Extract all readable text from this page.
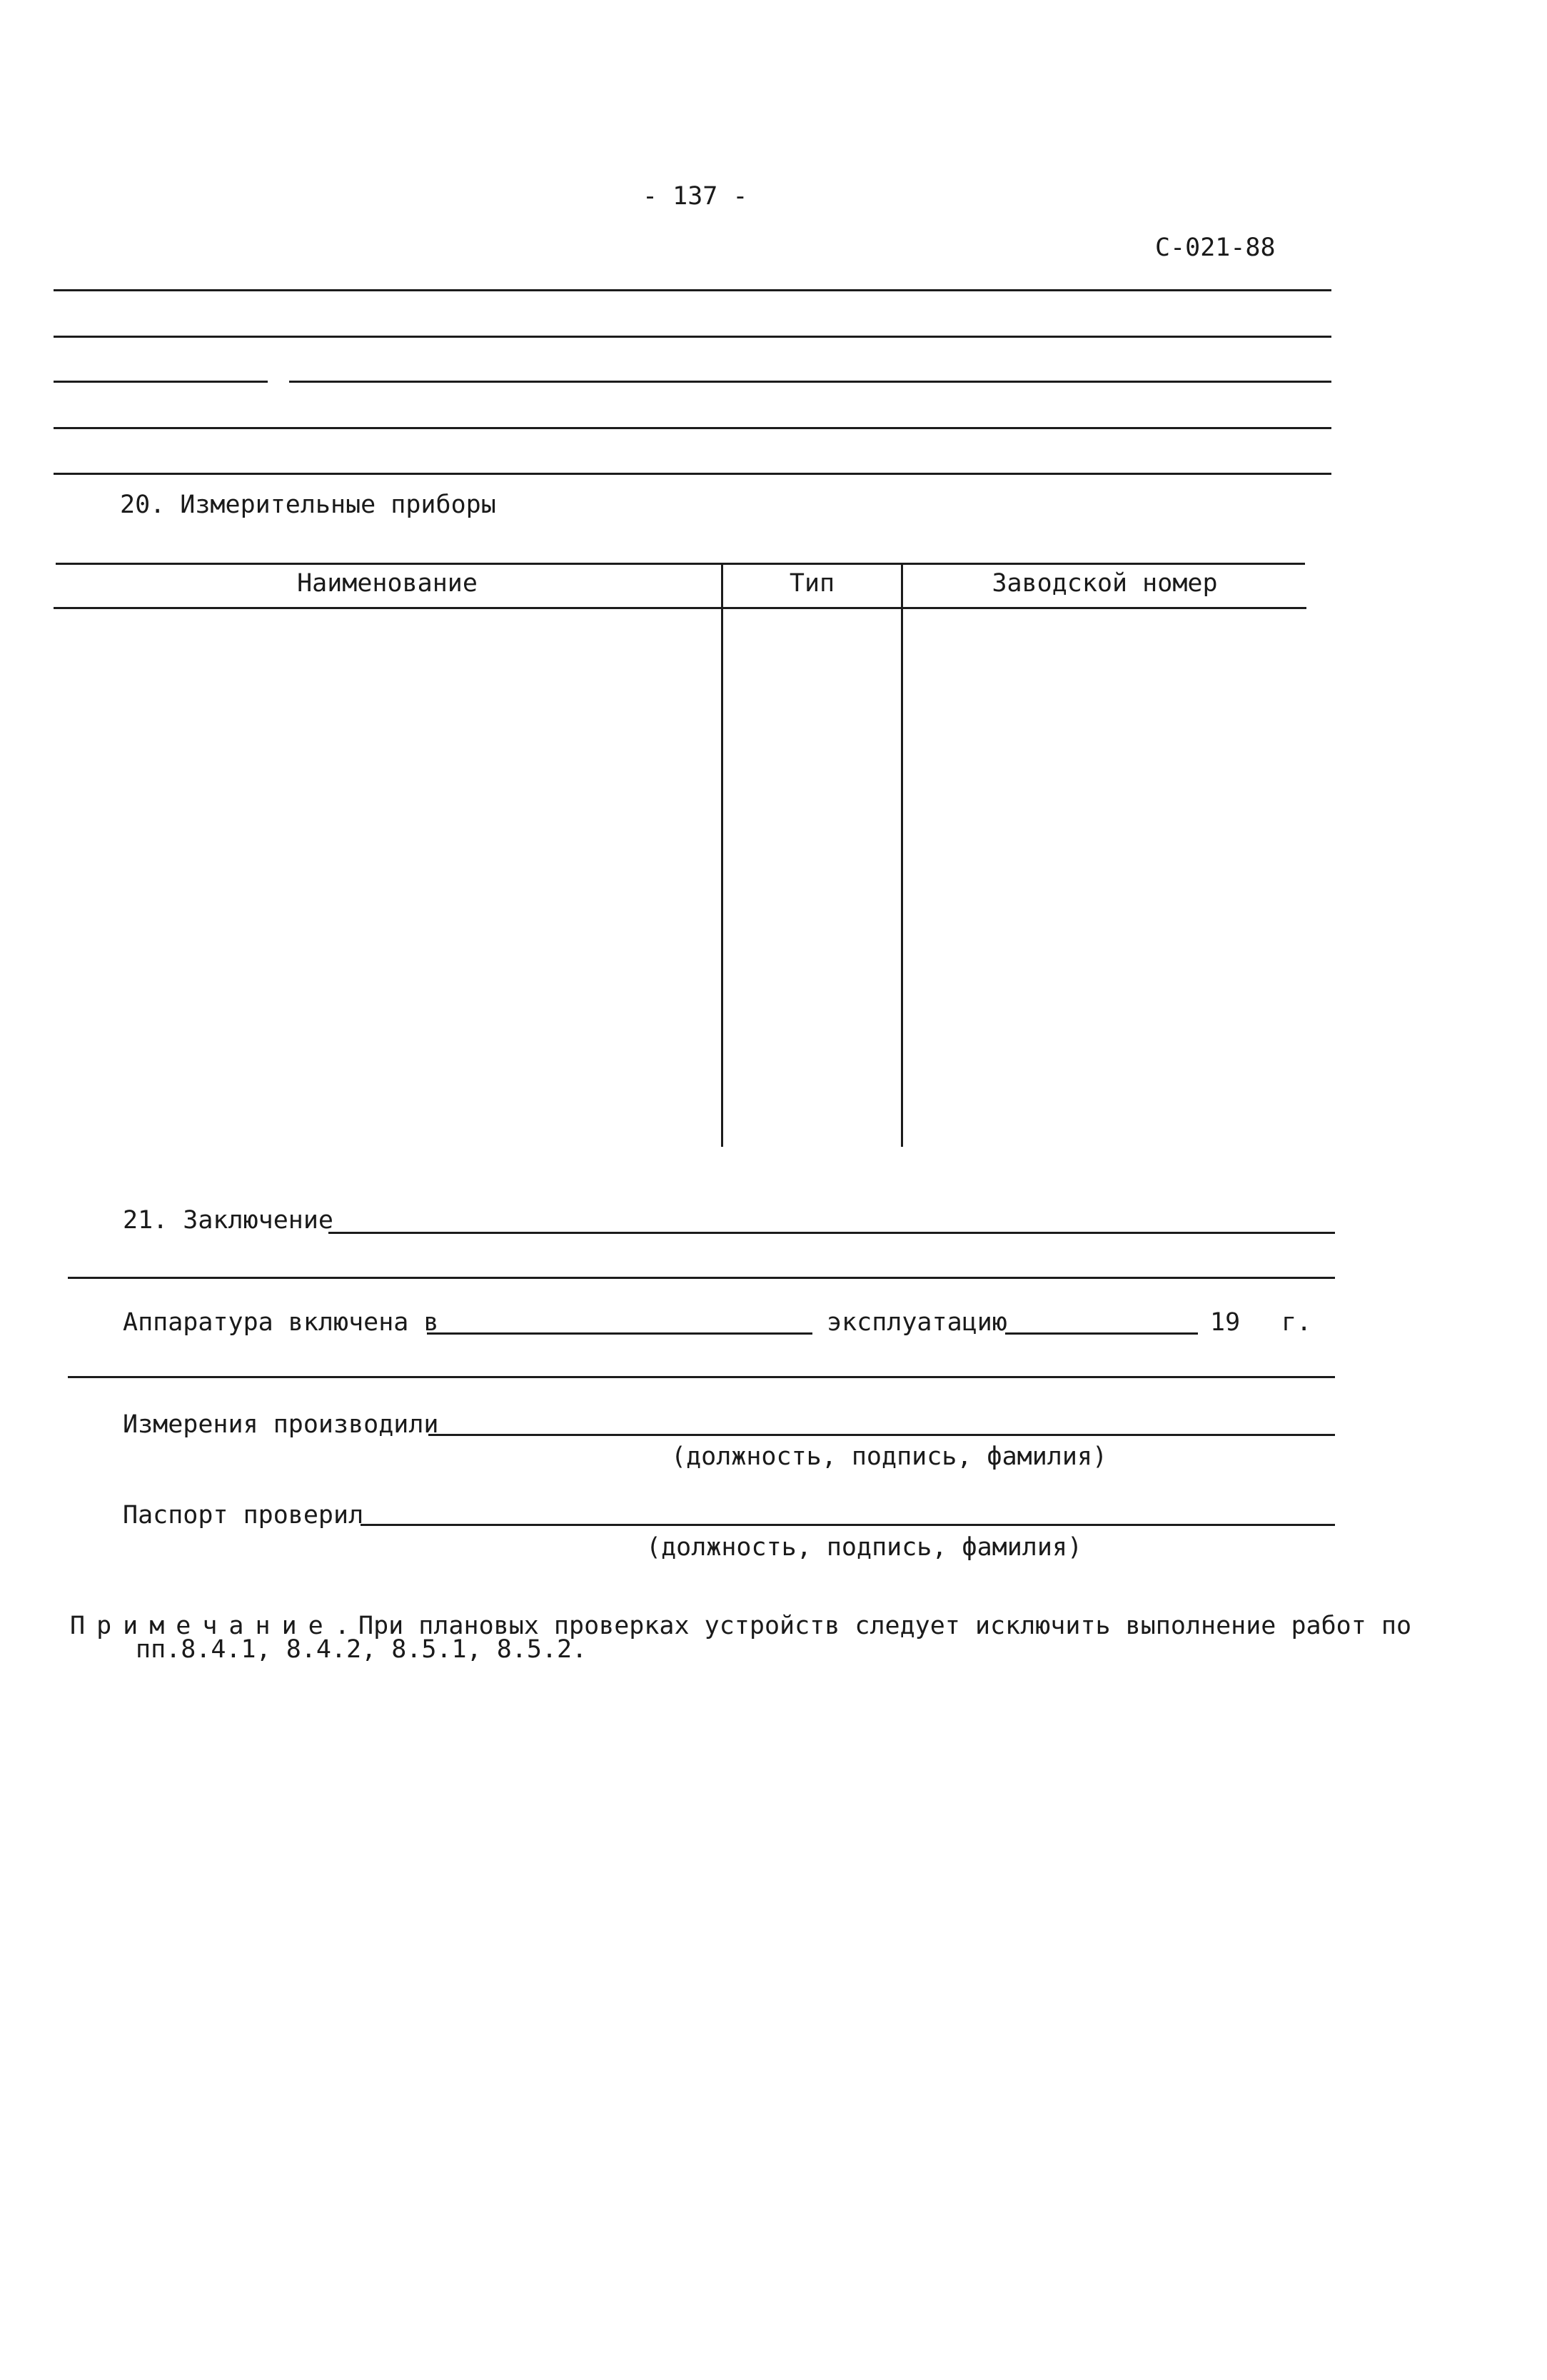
- 137 -
С-021-88
20. Измерительные приборы
Наименование	Тип	Заводской номер
21. Заключение
Аппаратура включена в	эксплуатацию	19 г.
Измерения производили
(должность, подпись, фамилия)
Паспорт проверил
(должность, подпись, фамилия)
Примечание.
При плановых проверках устройств следует исключить выполнение работ по
пп.8.4.1, 8.4.2, 8.5.1, 8.5.2.
